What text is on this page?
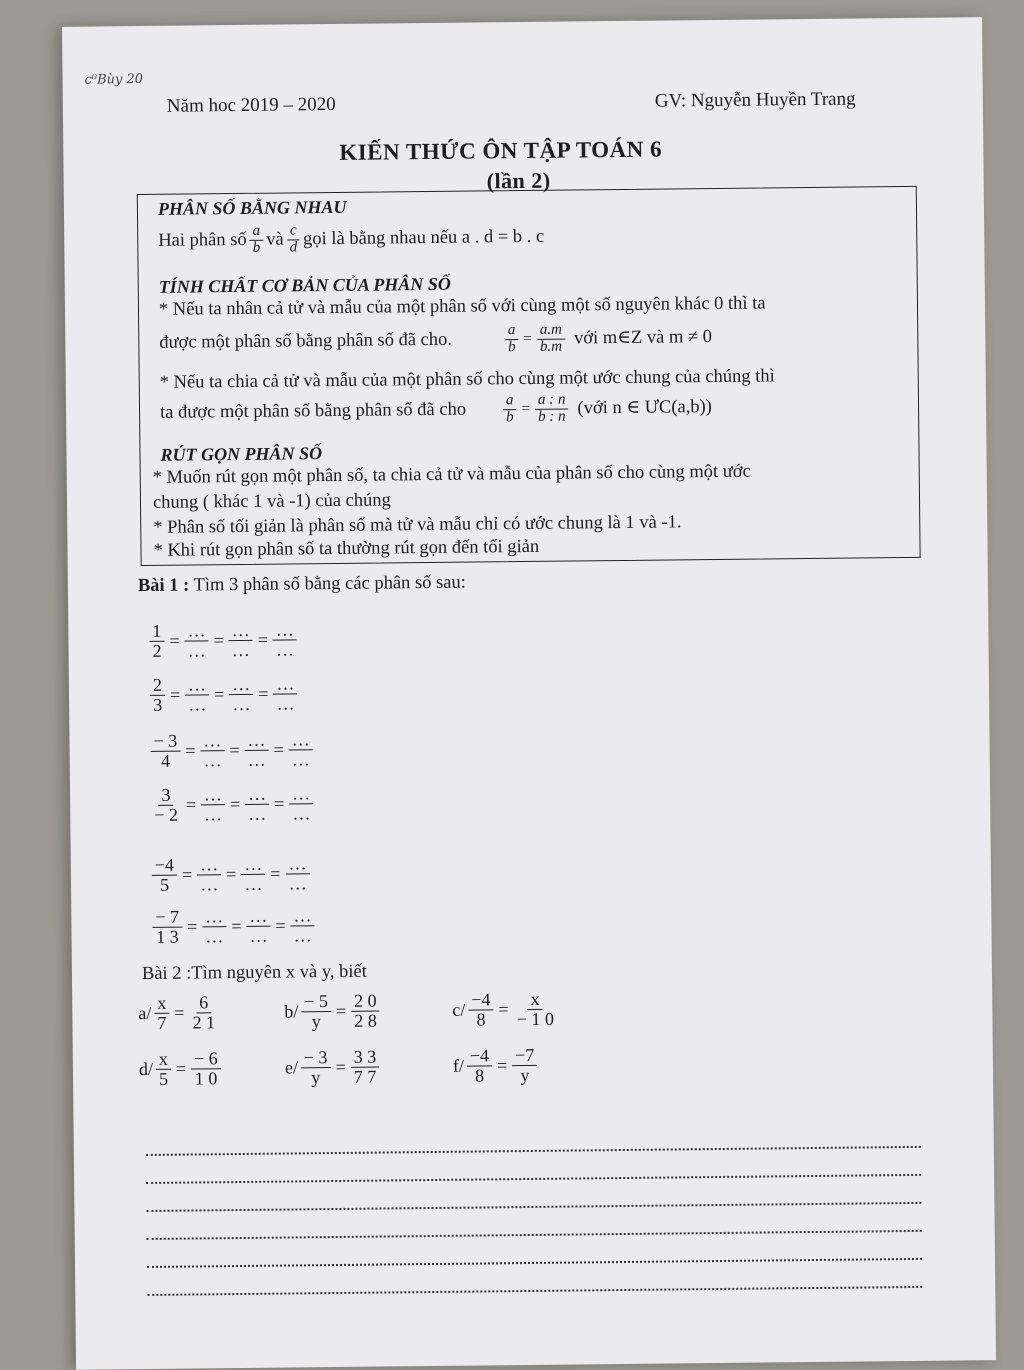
c⁰Bùy 20
Năm hoc 2019 – 2020	GV: Nguyễn Huyền Trang
KIẾN THỨC ÔN TẬP TOÁN 6
(lần 2)
PHÂN SỐ BẰNG NHAU
Hai phân số $\frac{a}{b}$ và $\frac{c}{d}$ gọi là bằng nhau nếu a . d = b . c
TÍNH CHẤT CƠ BẢN CỦA PHÂN SỐ
* Nếu ta nhân cả tử và mẫu của một phân số với cùng một số nguyên khác 0 thì ta
được một phân số bằng phân số đã cho.	$\frac{a}{b} = \frac{a.m}{b.m}$ với m∈Z và m ≠ 0
* Nếu ta chia cả tử và mẫu của một phân số cho cùng một ước chung của chúng thì
ta được một phân số bằng phân số đã cho $\frac{a}{b} = \frac{a : n}{b : n}$ (với n ∈ ƯC(a,b))
RÚT GỌN PHÂN SỐ
* Muốn rút gọn một phân số, ta chia cả tử và mẫu của phân số cho cùng một ước
chung ( khác 1 và -1) của chúng
* Phân số tối giản là phân số mà tử và mẫu chỉ có ước chung là 1 và -1.
* Khi rút gọn phân số ta thường rút gọn đến tối giản
Bài 1 : Tìm 3 phân số bằng các phân số sau:
$\frac{1}{2} = \frac{\dots}{\dots} = \frac{\dots}{\dots} = \frac{\dots}{\dots}$
$\frac{2}{3} = \frac{\dots}{\dots} = \frac{\dots}{\dots} = \frac{\dots}{\dots}$
$\frac{- 3}{4} = \frac{\dots}{\dots} = \frac{\dots}{\dots} = \frac{\dots}{\dots}$
$\frac{3}{- 2} = \frac{\dots}{\dots} = \frac{\dots}{\dots} = \frac{\dots}{\dots}$
$\frac{-4}{5} = \frac{\dots}{\dots} = \frac{\dots}{\dots} = \frac{\dots}{\dots}$
$\frac{- 7}{1 3} = \frac{\dots}{\dots} = \frac{\dots}{\dots} = \frac{\dots}{\dots}$
Bài 2 :Tìm nguyên x và y, biết
$a/ \frac{x}{7} = \frac{6}{2 1}$	$b/ \frac{- 5}{y} = \frac{2 0}{2 8}$	$c/ \frac{-4}{8} = \frac{x}{- 1 0}$
$d/ \frac{x}{5} = \frac{- 6}{1 0}$	$e/ \frac{- 3}{y} = \frac{3 3}{7 7}$	$f/ \frac{-4}{8} = \frac{-7}{y}$
